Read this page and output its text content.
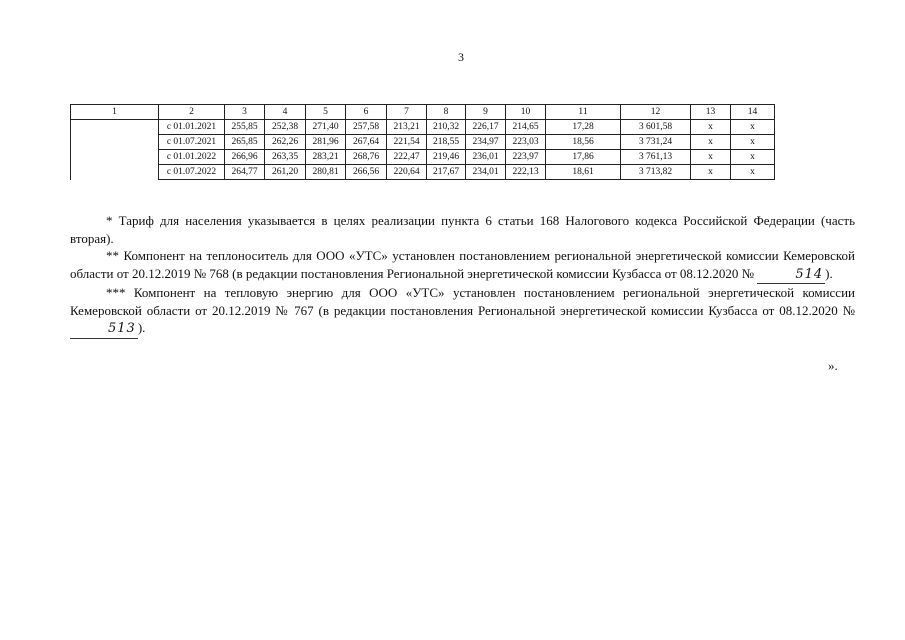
3
1	2	3	4	5	6	7	8	9	10	11	12	13	14
	с 01.01.2021	255,85	252,38	271,40	257,58	213,21	210,32	226,17	214,65	17,28	3 601,58	х	х
	с 01.07.2021	265,85	262,26	281,96	267,64	221,54	218,55	234,97	223,03	18,56	3 731,24	х	х
	с 01.01.2022	266,96	263,35	283,21	268,76	222,47	219,46	236,01	223,97	17,86	3 761,13	х	х
	с 01.07.2022	264,77	261,20	280,81	266,56	220,64	217,67	234,01	222,13	18,61	3 713,82	х	х

* Тариф для населения указывается в целях реализации пункта 6 статьи 168 Налогового кодекса Российской Федерации (часть вторая).

** Компонент на теплоноситель для ООО «УТС» установлен постановлением региональной энергетической комиссии Кемеровской области от 20.12.2019 № 768 (в редакции постановления Региональной энергетической комиссии Кузбасса от 08.12.2020 №	514 ).

*** Компонент на тепловую энергию для ООО «УТС» установлен постановлением региональной энергетической комиссии Кемеровской области от 20.12.2019 № 767 (в редакции постановления Региональной энергетической комиссии Кузбасса от 08.12.2020 № 513 ).

».
